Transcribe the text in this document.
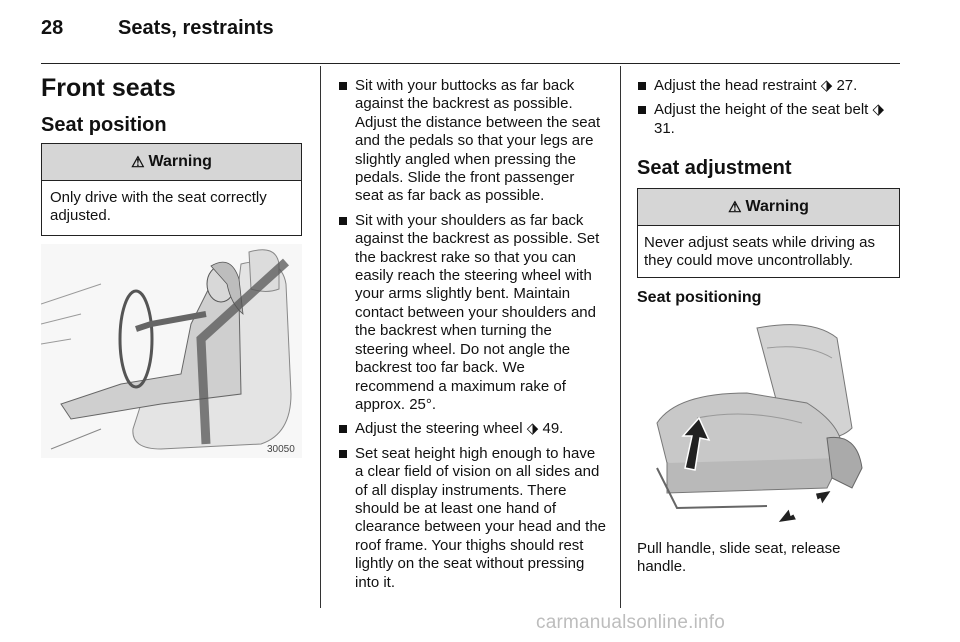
28	Seats, restraints
Front seats
Seat position
⚠ Warning
Only drive with the seat correctly adjusted.
30050
Sit with your buttocks as far back against the backrest as possible. Adjust the distance between the seat and the pedals so that your legs are slightly angled when pressing the pedals. Slide the front passenger seat as far back as possible.
Sit with your shoulders as far back against the backrest as possible. Set the backrest rake so that you can easily reach the steering wheel with your arms slightly bent. Maintain contact between your shoulders and the backrest when turning the steering wheel. Do not angle the backrest too far back. We recommend a maximum rake of approx. 25°.
Adjust the steering wheel ⬗ 49.
Set seat height high enough to have a clear field of vision on all sides and of all display instruments. There should be at least one hand of clearance between your head and the roof frame. Your thighs should rest lightly on the seat without pressing into it.
Adjust the head restraint ⬗ 27.
Adjust the height of the seat belt ⬗ 31.
Seat adjustment
⚠ Warning
Never adjust seats while driving as they could move uncontrollably.
Seat positioning
Pull handle, slide seat, release handle.
carmanualsonline.info
